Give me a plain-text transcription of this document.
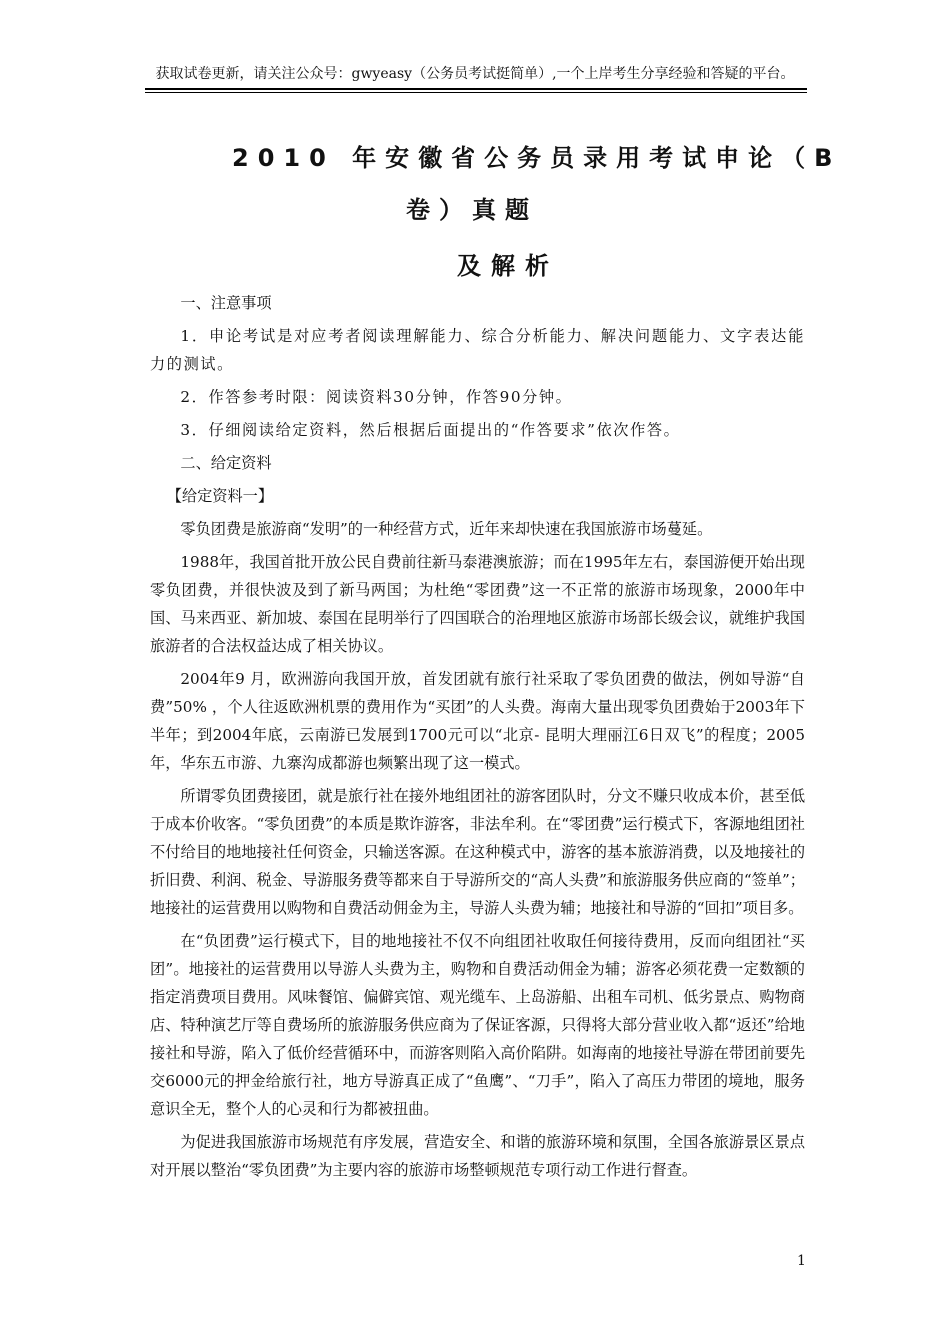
获取试卷更新，请关注公众号：gwyeasy（公务员考试挺简单）,一个上岸考生分享经验和答疑的平台。
2010 年安徽省公务员录用考试申论（B
卷）真题
及解析

一、注意事项

1．申论考试是对应考者阅读理解能力、综合分析能力、解决问题能力、文字表达能力的测试。

2．作答参考时限：阅读资料30分钟，作答90分钟。

3．仔细阅读给定资料，然后根据后面提出的“作答要求”依次作答。

二、给定资料

【给定资料一】

零负团费是旅游商“发明”的一种经营方式，近年来却快速在我国旅游市场蔓延。

1988年，我国首批开放公民自费前往新马泰港澳旅游；而在1995年左右，泰国游便开始出现零负团费，并很快波及到了新马两国；为杜绝“零团费”这一不正常的旅游市场现象，2000年中国、马来西亚、新加坡、泰国在昆明举行了四国联合的治理地区旅游市场部长级会议，就维护我国旅游者的合法权益达成了相关协议。

2004年9 月，欧洲游向我国开放，首发团就有旅行社采取了零负团费的做法，例如导游“自费”50% ，个人往返欧洲机票的费用作为“买团”的人头费。海南大量出现零负团费始于2003年下半年；到2004年底，云南游已发展到1700元可以“北京- 昆明大理丽江6日双飞”的程度；2005年，华东五市游、九寨沟成都游也频繁出现了这一模式。

所谓零负团费接团，就是旅行社在接外地组团社的游客团队时，分文不赚只收成本价，甚至低于成本价收客。“零负团费”的本质是欺诈游客，非法牟利。在“零团费”运行模式下，客源地组团社不付给目的地地接社任何资金，只输送客源。在这种模式中，游客的基本旅游消费，以及地接社的折旧费、利润、税金、导游服务费等都来自于导游所交的“高人头费”和旅游服务供应商的“签单”；地接社的运营费用以购物和自费活动佣金为主，导游人头费为辅；地接社和导游的“回扣”项目多。

在“负团费”运行模式下，目的地地接社不仅不向组团社收取任何接待费用，反而向组团社“买团”。地接社的运营费用以导游人头费为主，购物和自费活动佣金为辅；游客必须花费一定数额的指定消费项目费用。风味餐馆、偏僻宾馆、观光缆车、上岛游船、出租车司机、低劣景点、购物商店、特种演艺厅等自费场所的旅游服务供应商为了保证客源，只得将大部分营业收入都“返还”给地接社和导游，陷入了低价经营循环中，而游客则陷入高价陷阱。如海南的地接社导游在带团前要先交6000元的押金给旅行社，地方导游真正成了“鱼鹰”、“刀手”，陷入了高压力带团的境地，服务意识全无，整个人的心灵和行为都被扭曲。

为促进我国旅游市场规范有序发展，营造安全、和谐的旅游环境和氛围，全国各旅游景区景点对开展以整治“零负团费”为主要内容的旅游市场整顿规范专项行动工作进行督查。

1
